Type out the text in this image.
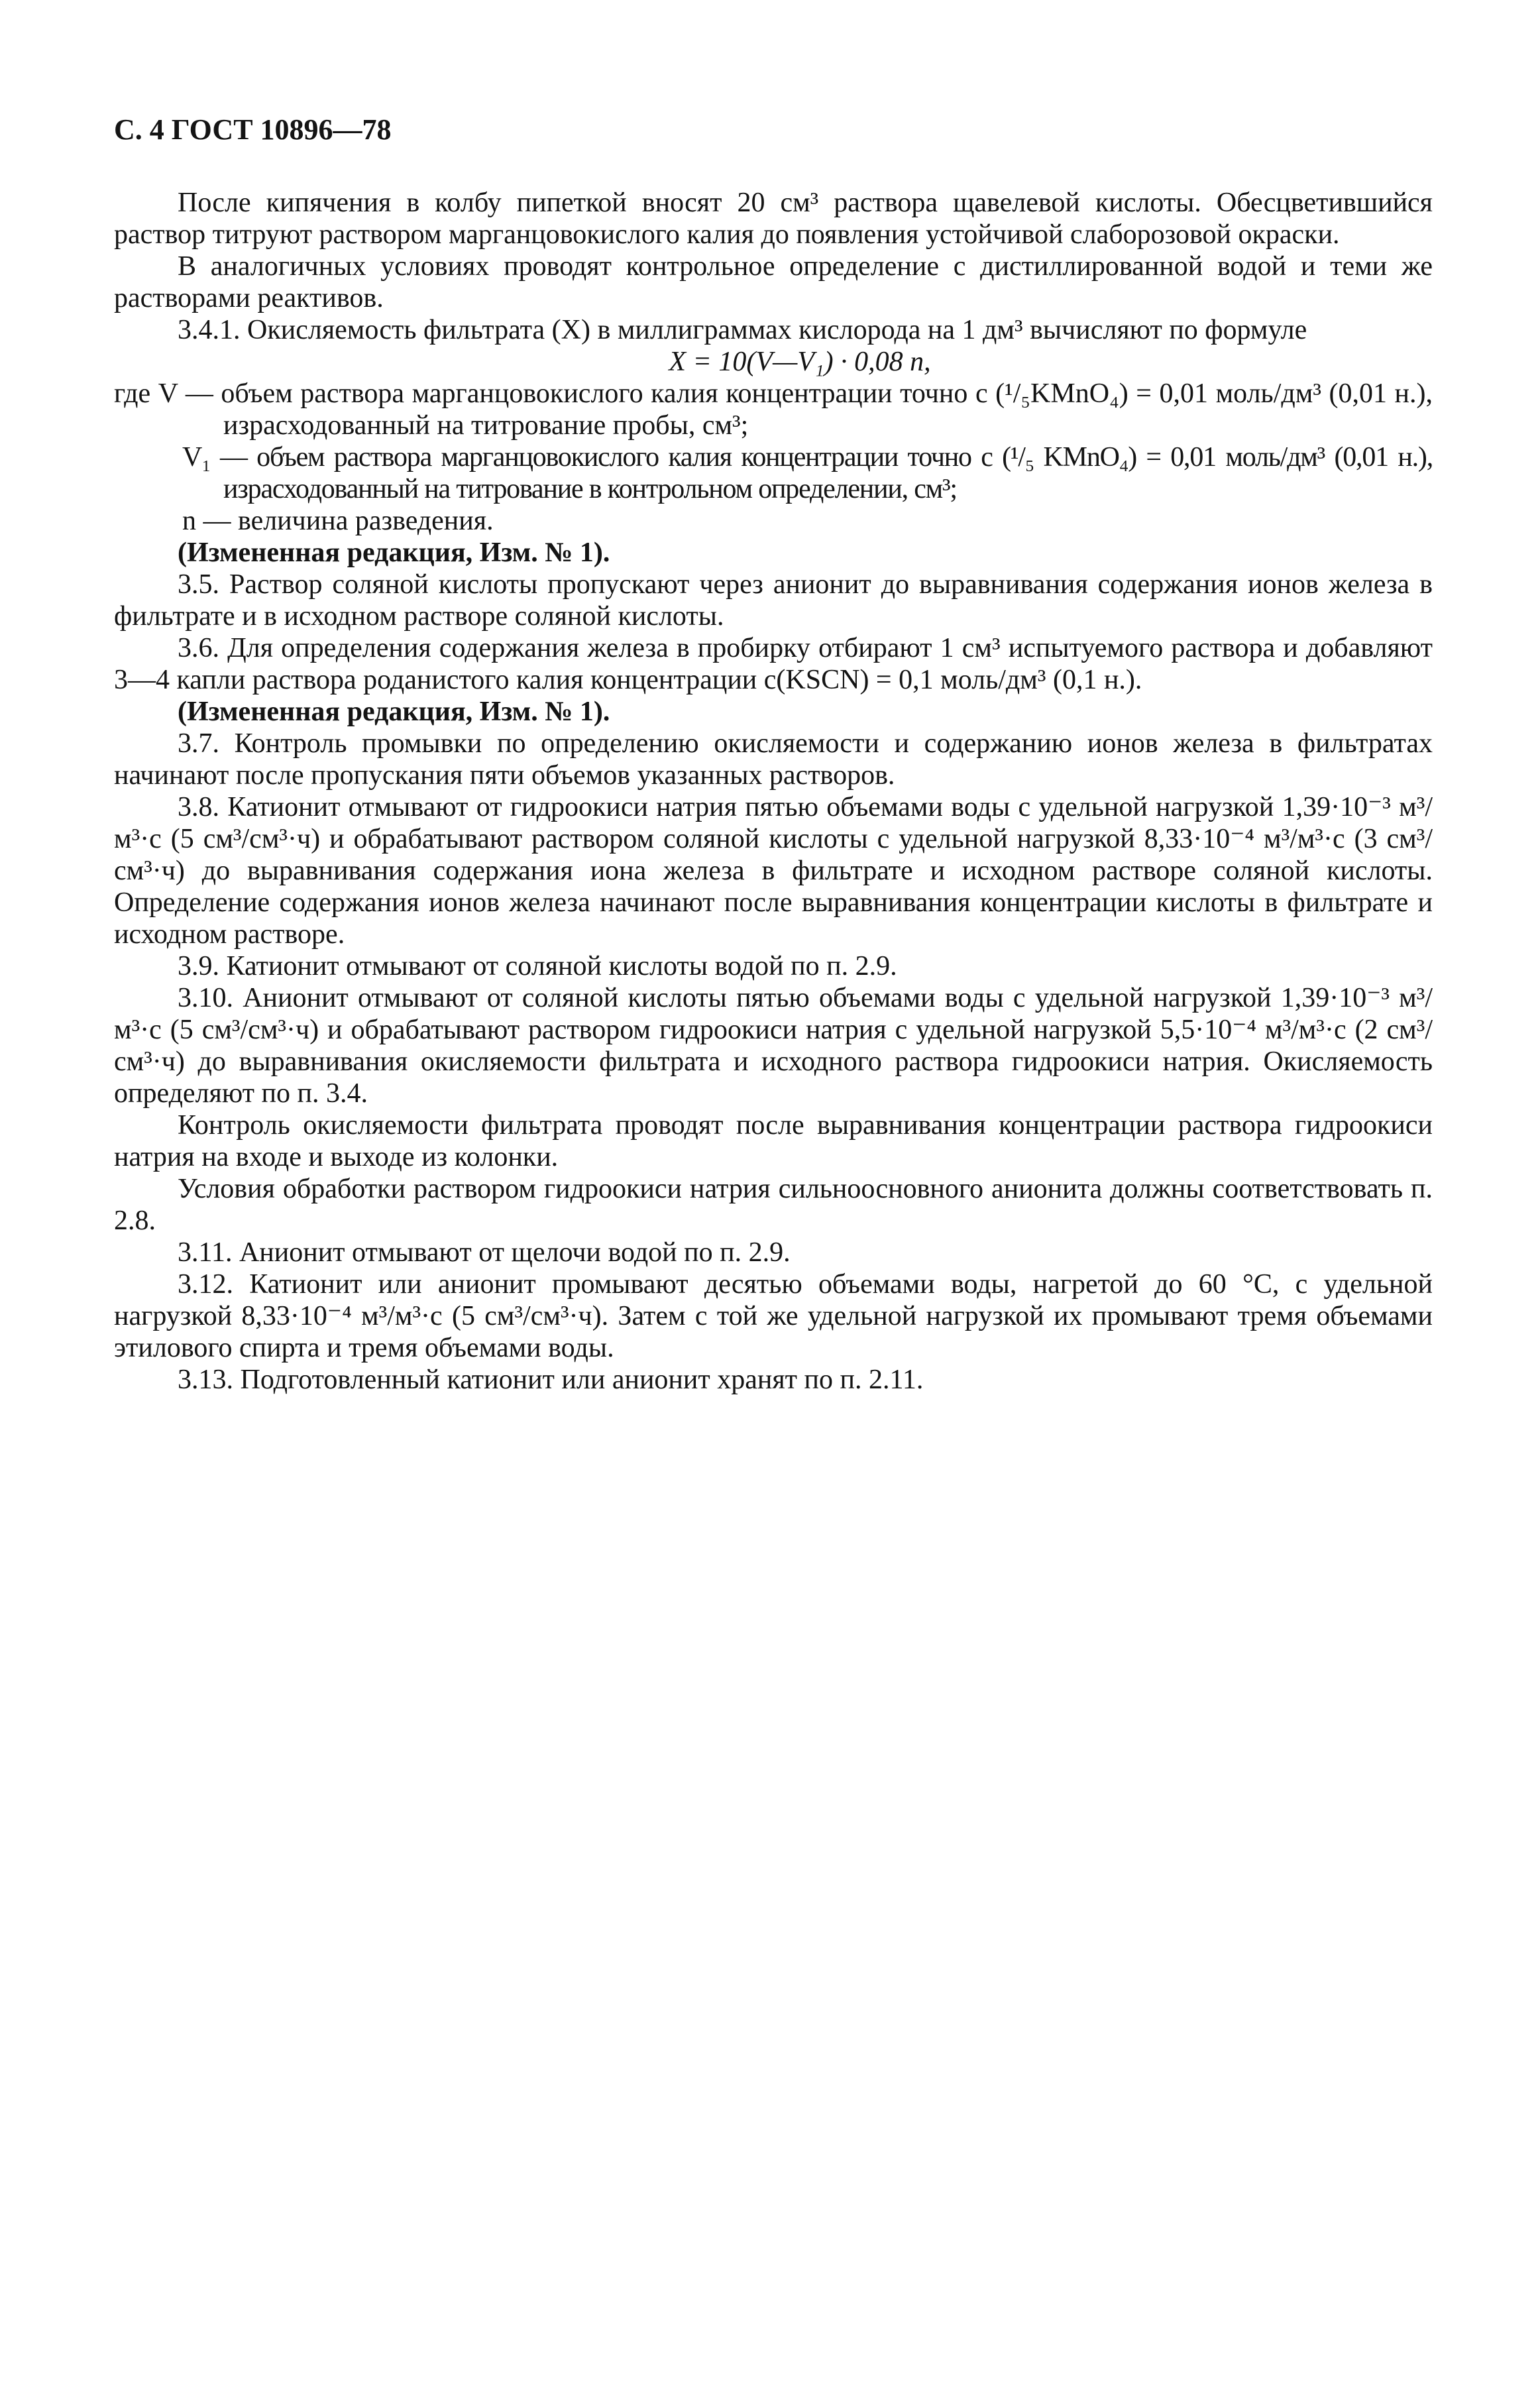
С. 4 ГОСТ 10896—78

После кипячения в колбу пипеткой вносят 20 см³ раствора щавелевой кислоты. Обесцветившийся раствор титруют раствором марганцовокислого калия до появления устойчивой слаборозовой окраски.

В аналогичных условиях проводят контрольное определение с дистиллированной водой и теми же растворами реактивов.

3.4.1. Окисляемость фильтрата (X) в миллиграммах кислорода на 1 дм³ вычисляют по формуле

X = 10(V—V₁) · 0,08 n,

где V — объем раствора марганцовокислого калия концентрации точно c (¹/₅KMnO₄) = 0,01 моль/дм³ (0,01 н.), израсходованный на титрование пробы, см³;

V₁ — объем раствора марганцовокислого калия концентрации точно c (¹/₅ KMnO₄) = 0,01 моль/дм³ (0,01 н.), израсходованный на титрование в контрольном определении, см³;

n — величина разведения.

(Измененная редакция, Изм. № 1).

3.5. Раствор соляной кислоты пропускают через анионит до выравнивания содержания ионов железа в фильтрате и в исходном растворе соляной кислоты.

3.6. Для определения содержания железа в пробирку отбирают 1 см³ испытуемого раствора и добавляют 3—4 капли раствора роданистого калия концентрации c(KSCN) = 0,1 моль/дм³ (0,1 н.).

(Измененная редакция, Изм. № 1).

3.7. Контроль промывки по определению окисляемости и содержанию ионов железа в фильтратах начинают после пропускания пяти объемов указанных растворов.

3.8. Катионит отмывают от гидроокиси натрия пятью объемами воды с удельной нагрузкой 1,39·10⁻³ м³/м³·с (5 см³/см³·ч) и обрабатывают раствором соляной кислоты с удельной нагрузкой 8,33·10⁻⁴ м³/м³·с (3 см³/см³·ч) до выравнивания содержания иона железа в фильтрате и исходном растворе соляной кислоты. Определение содержания ионов железа начинают после выравнивания концентрации кислоты в фильтрате и исходном растворе.

3.9. Катионит отмывают от соляной кислоты водой по п. 2.9.

3.10. Анионит отмывают от соляной кислоты пятью объемами воды с удельной нагрузкой 1,39·10⁻³ м³/м³·с (5 см³/см³·ч) и обрабатывают раствором гидроокиси натрия с удельной нагрузкой 5,5·10⁻⁴ м³/м³·с (2 см³/см³·ч) до выравнивания окисляемости фильтрата и исходного раствора гидроокиси натрия. Окисляемость определяют по п. 3.4.

Контроль окисляемости фильтрата проводят после выравнивания концентрации раствора гидроокиси натрия на входе и выходе из колонки.

Условия обработки раствором гидроокиси натрия сильноосновного анионита должны соответствовать п. 2.8.

3.11. Анионит отмывают от щелочи водой по п. 2.9.

3.12. Катионит или анионит промывают десятью объемами воды, нагретой до 60 °С, с удельной нагрузкой 8,33·10⁻⁴ м³/м³·с (5 см³/см³·ч). Затем с той же удельной нагрузкой их промывают тремя объемами этилового спирта и тремя объемами воды.

3.13. Подготовленный катионит или анионит хранят по п. 2.11.
